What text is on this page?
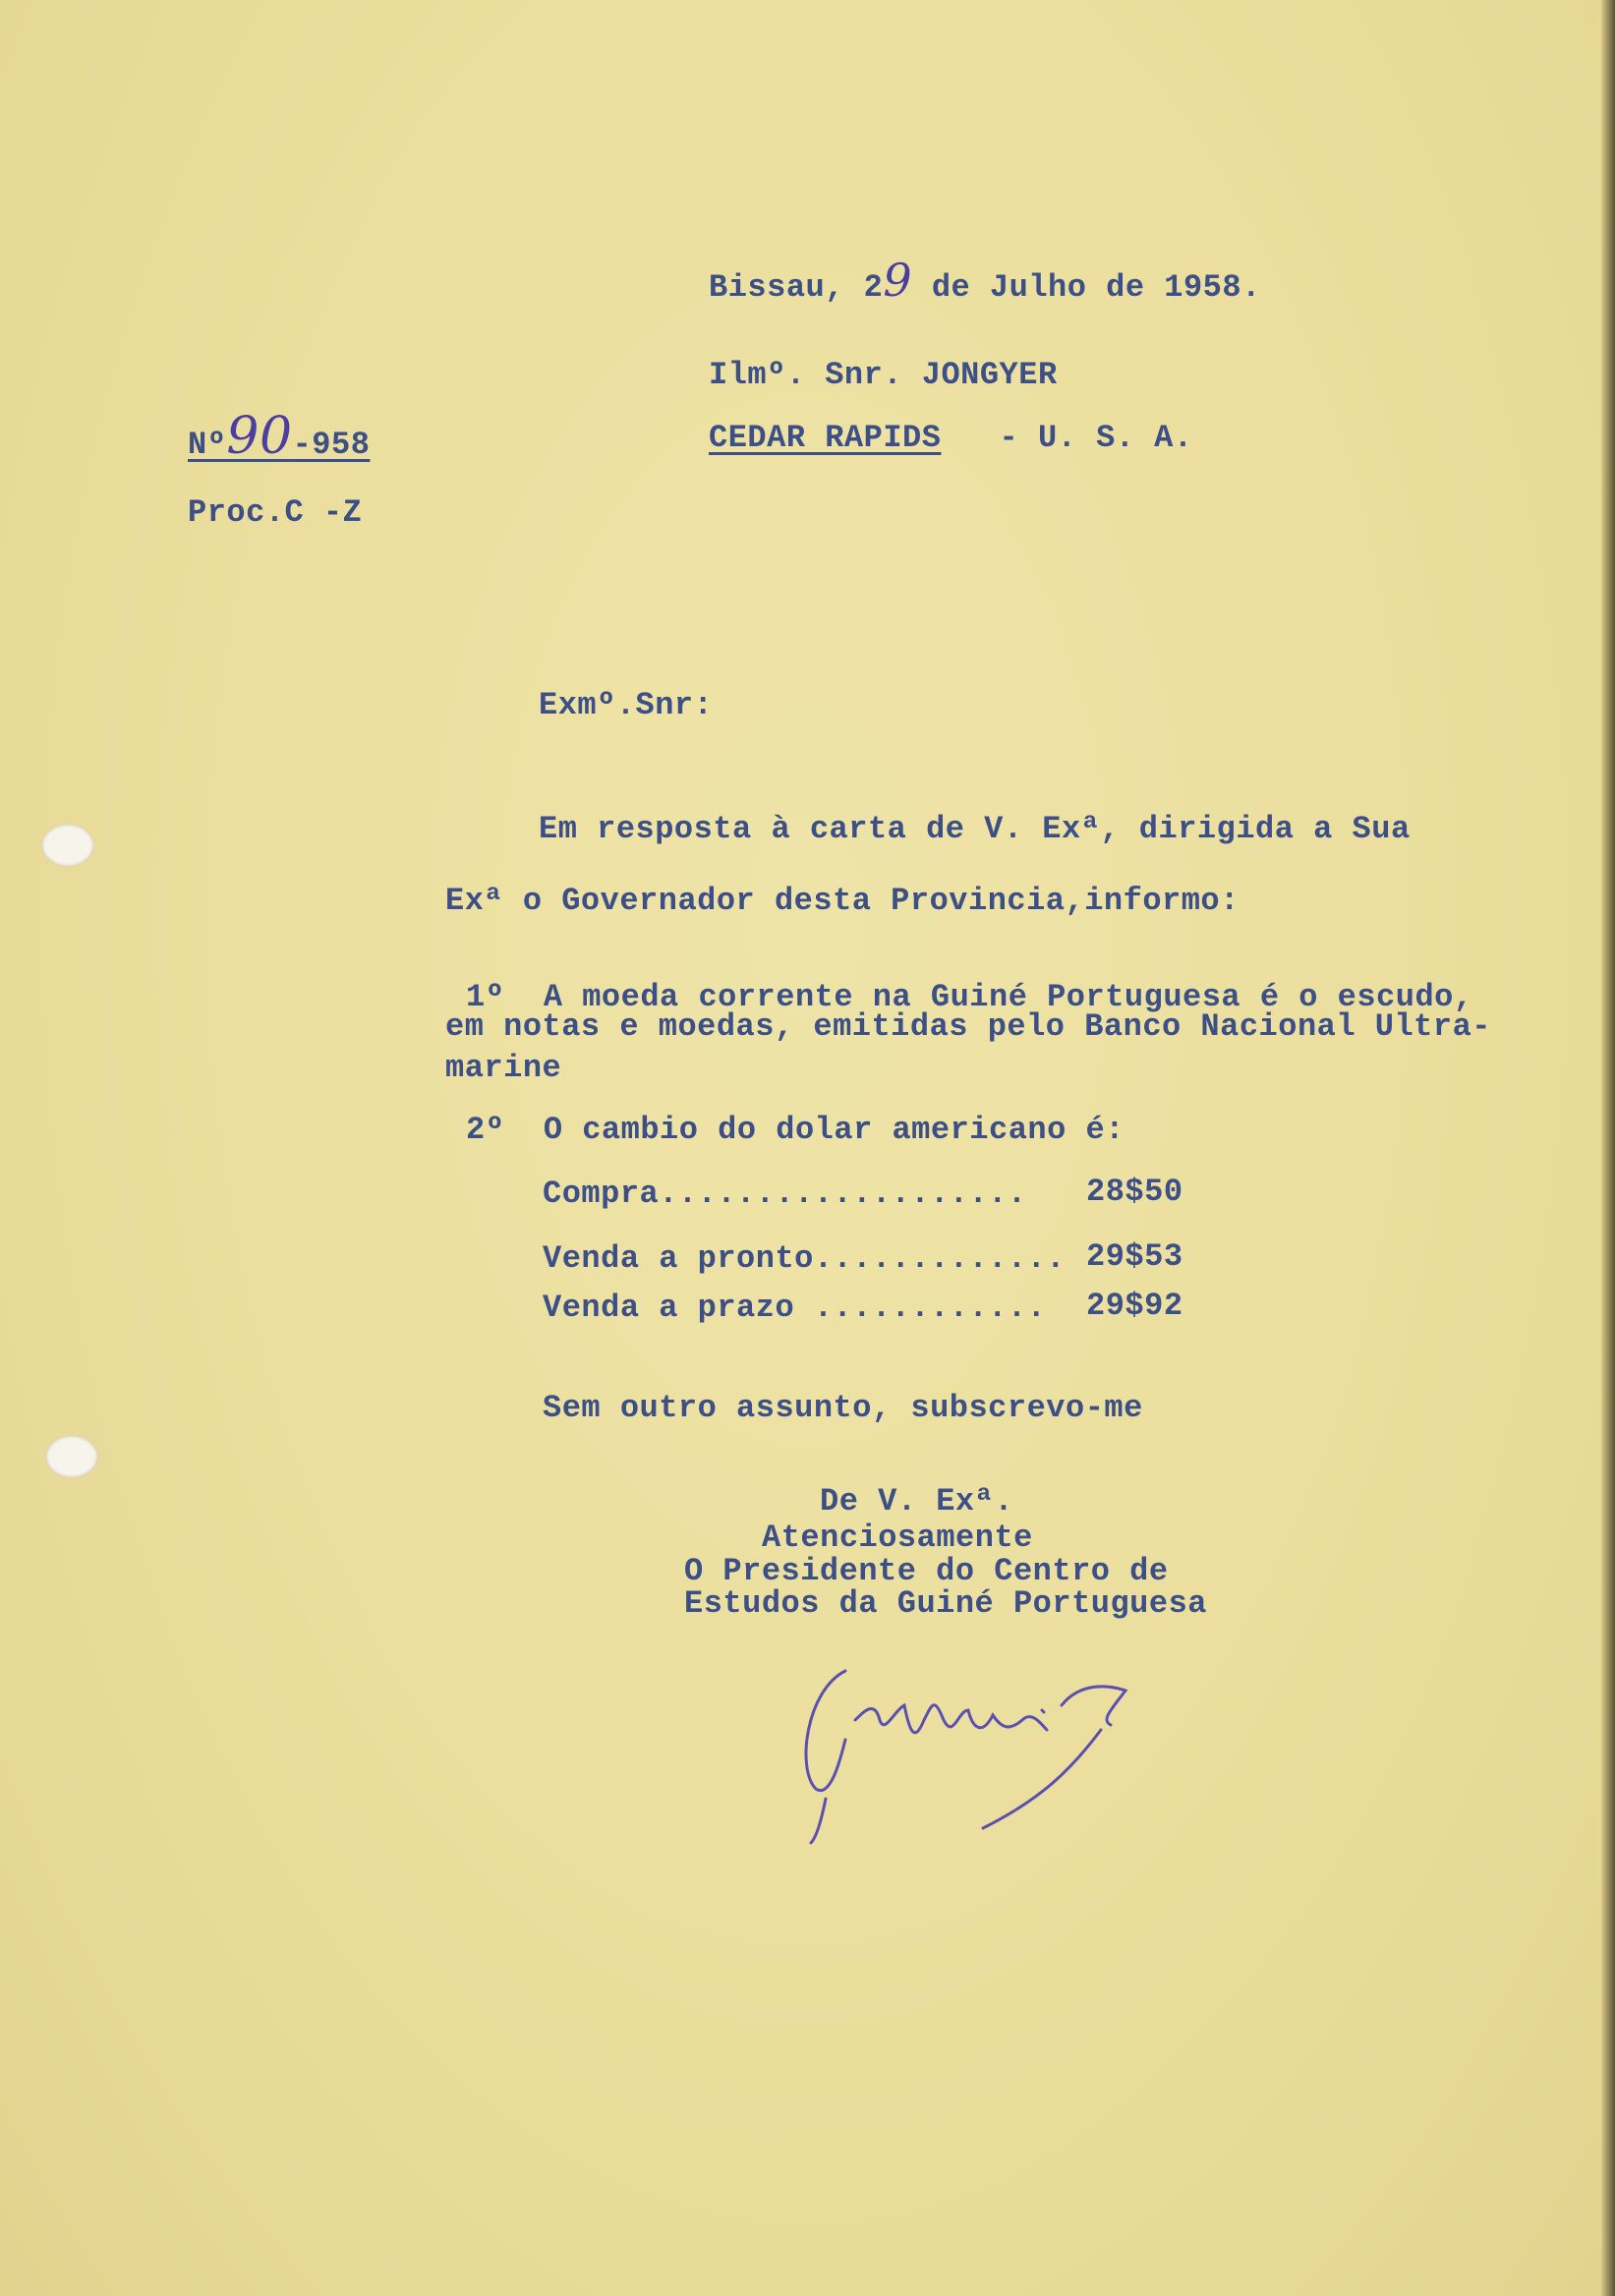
Bissau, 29 de Julho de 1958.
Ilmº. Snr. JONGYER
CEDAR RAPIDS - U. S. A.
Nº90-958
Proc.C -Z
Exmº.Snr:
Em resposta à carta de V. Exª, dirigida a Sua
Exª o Governador desta Provincia,informo:
1º A moeda corrente na Guiné Portuguesa é o escudo,
em notas e moedas, emitidas pelo Banco Nacional Ultra-
marine
2º O cambio do dolar americano é:
Compra................... 28$50
Venda a pronto............. 29$53
Venda a prazo ............ 29$92
Sem outro assunto, subscrevo-me
De V. Exª.
Atenciosamente
O Presidente do Centro de
Estudos da Guiné Portuguesa
